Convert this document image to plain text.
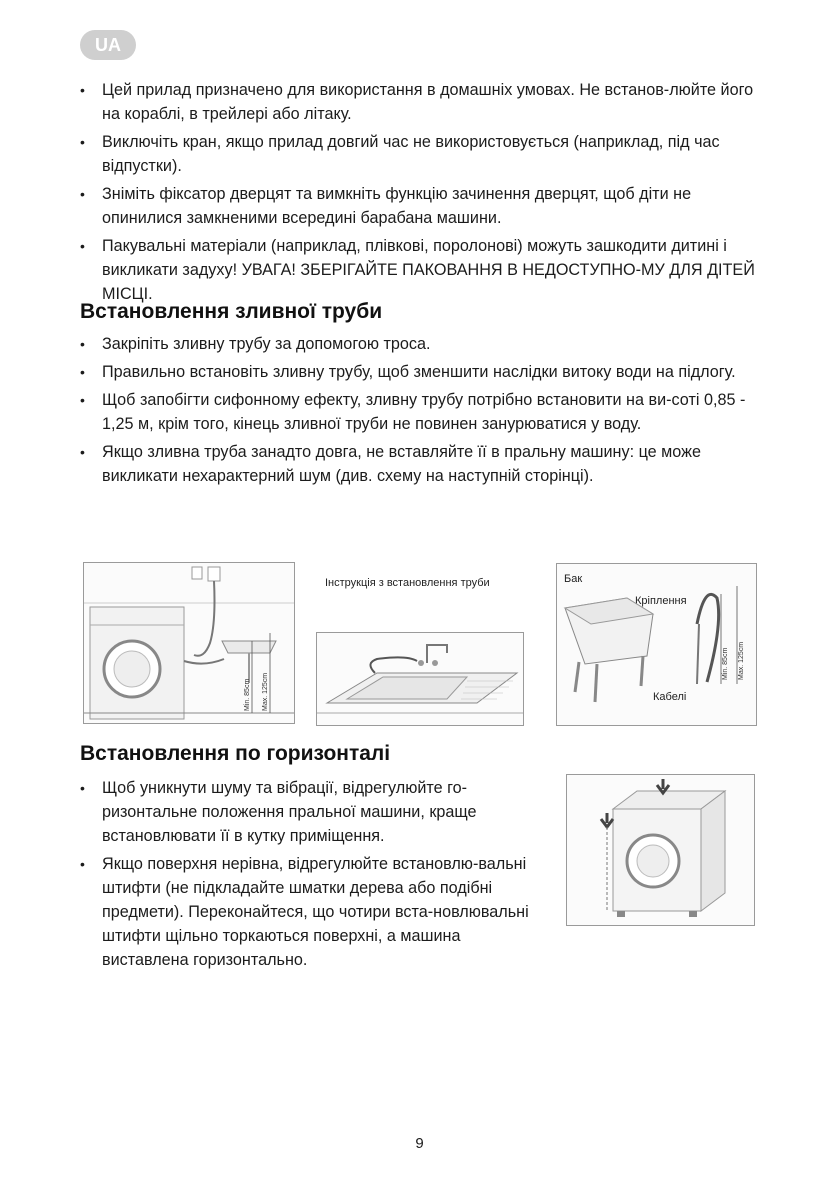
UA
• Цей прилад призначено для використання в домашніх умовах. Не встанов-люйте його на кораблі, в трейлері або літаку.
• Виключіть кран, якщо прилад довгий час не використовується (наприклад, під час відпустки).
• Зніміть фіксатор дверцят та вимкніть функцію зачинення дверцят, щоб діти не опинилися замкненими всередині барабана машини.
• Пакувальні матеріали (наприклад, плівкові, поролонові) можуть зашкодити дитині і викликати задуху! УВАГА! ЗБЕРІГАЙТЕ ПАКОВАННЯ В НЕДОСТУПНО-МУ ДЛЯ ДІТЕЙ МІСЦІ.
Встановлення зливної труби
• Закріпіть зливну трубу за допомогою троса.
• Правильно встановіть зливну трубу, щоб зменшити наслідки витоку води на підлогу.
• Щоб запобігти сифонному ефекту, зливну трубу потрібно встановити на ви-соті 0,85 - 1,25 м, крім того, кінець зливної труби не повинен занурюватися у воду.
• Якщо зливна труба занадто довга, не вставляйте її в пральну машину: це може викликати нехарактерний шум (див. схему на наступній сторінці).
Min. 85cm Max. 125cm
Інструкція з встановлення труби	Бак
Кріплення
Кабелі
Min. 85cm Max. 125cm
Встановлення по горизонталі
• Щоб уникнути шуму та вібрації, відрегулюйте го-ризонтальне положення пральної машини, краще встановлювати її в кутку приміщення.
• Якщо поверхня нерівна, відрегулюйте встановлю-вальні штифти (не підкладайте шматки дерева або подібні предмети). Переконайтеся, що чотири вста-новлювальні штифти щільно торкаються поверхні, а машина виставлена горизонтально.
9
